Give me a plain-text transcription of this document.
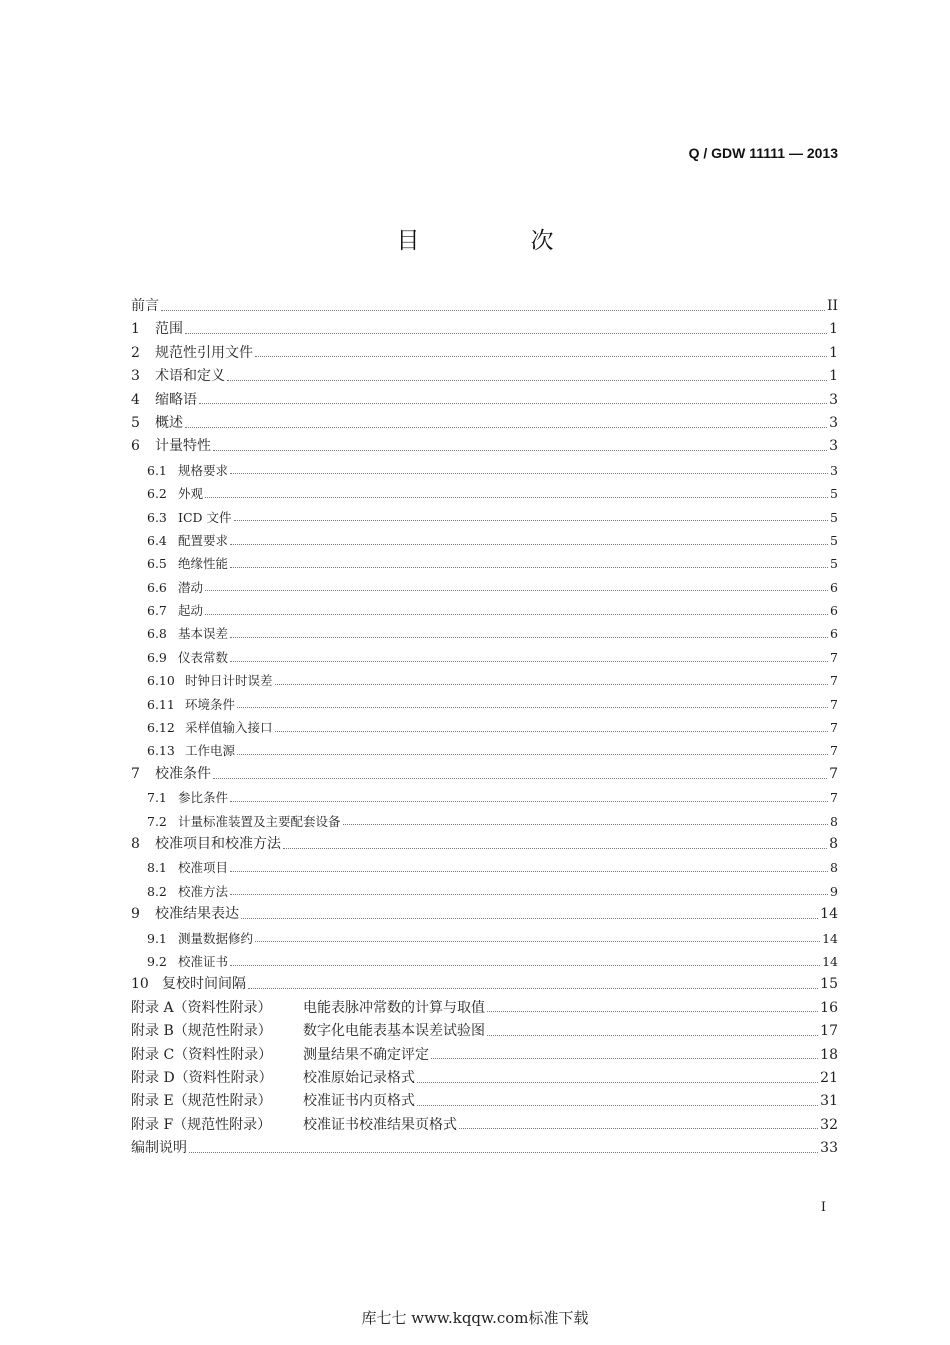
Q / GDW 11111 — 2013
目　次
前言	II
1	范围	1
2	规范性引用文件	1
3	术语和定义	1
4	缩略语	3
5	概述	3
6	计量特性	3
6.1 规格要求	3
6.2 外观	5
6.3 ICD 文件	5
6.4 配置要求	5
6.5 绝缘性能	5
6.6 潜动	6
6.7 起动	6
6.8 基本误差	6
6.9 仪表常数	7
6.10 时钟日计时误差	7
6.11 环境条件	7
6.12 采样值输入接口	7
6.13 工作电源	7
7	校准条件	7
7.1 参比条件	7
7.2 计量标准装置及主要配套设备	8
8	校准项目和校准方法	8
8.1 校准项目	8
8.2 校准方法	9
9	校准结果表达	14
9.1 测量数据修约	14
9.2 校准证书	14
10 复校时间间隔	15
附录 A（资料性附录）	电能表脉冲常数的计算与取值	16
附录 B（规范性附录）	数字化电能表基本误差试验图	17
附录 C（资料性附录）	测量结果不确定评定	18
附录 D（资料性附录）	校准原始记录格式	21
附录 E（规范性附录）	校准证书内页格式	31
附录 F（规范性附录）	校准证书校准结果页格式	32
编制说明	33
I
库七七 www.kqqw.com标准下载
